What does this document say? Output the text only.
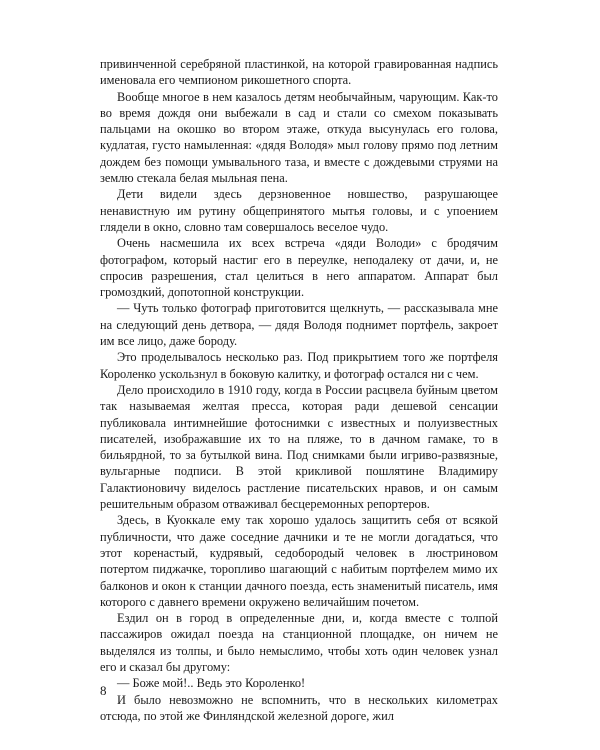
привинченной серебряной пластинкой, на которой гравированная надпись именовала его чемпионом рикошетного спорта.

Вообще многое в нем казалось детям необычайным, чарующим. Как-то во время дождя они выбежали в сад и стали со смехом показывать пальцами на окошко во втором этаже, откуда высунулась его голова, кудлатая, густо намыленная: «дядя Володя» мыл голову прямо под летним дождем без помощи умывального таза, и вместе с дождевыми струями на землю стекала белая мыльная пена.

Дети видели здесь дерзновенное новшество, разрушающее ненавистную им рутину общепринятого мытья головы, и с упоением глядели в окно, словно там совершалось веселое чудо.

Очень насмешила их всех встреча «дяди Володи» с бродячим фотографом, который настиг его в переулке, неподалеку от дачи, и, не спросив разрешения, стал целиться в него аппаратом. Аппарат был громоздкий, допотопной конструкции.

— Чуть только фотограф приготовится щелкнуть, — рассказывала мне на следующий день детвора, — дядя Володя поднимет портфель, закроет им все лицо, даже бороду.

Это проделывалось несколько раз. Под прикрытием того же портфеля Короленко ускользнул в боковую калитку, и фотограф остался ни с чем.

Дело происходило в 1910 году, когда в России расцвела буйным цветом так называемая желтая пресса, которая ради дешевой сенсации публиковала интимнейшие фотоснимки с известных и полуизвестных писателей, изображавшие их то на пляже, то в дачном гамаке, то в бильярдной, то за бутылкой вина. Под снимками были игриво-развязные, вульгарные подписи. В этой крикливой пошлятине Владимиру Галактионовичу виделось растление писательских нравов, и он самым решительным образом отваживал бесцеремонных репортеров.

Здесь, в Куоккале ему так хорошо удалось защитить себя от всякой публичности, что даже соседние дачники и те не могли догадаться, что этот коренастый, кудрявый, седобородый человек в люстриновом потертом пиджачке, торопливо шагающий с набитым портфелем мимо их балконов и окон к станции дачного поезда, есть знаменитый писатель, имя которого с давнего времени окружено величайшим почетом.

Ездил он в город в определенные дни, и, когда вместе с толпой пассажиров ожидал поезда на станционной площадке, он ничем не выделялся из толпы, и было немыслимо, чтобы хоть один человек узнал его и сказал бы другому:

— Боже мой!.. Ведь это Короленко!

И было невозможно не вспомнить, что в нескольких километрах отсюда, по этой же Финляндской железной дороге, жил

8
